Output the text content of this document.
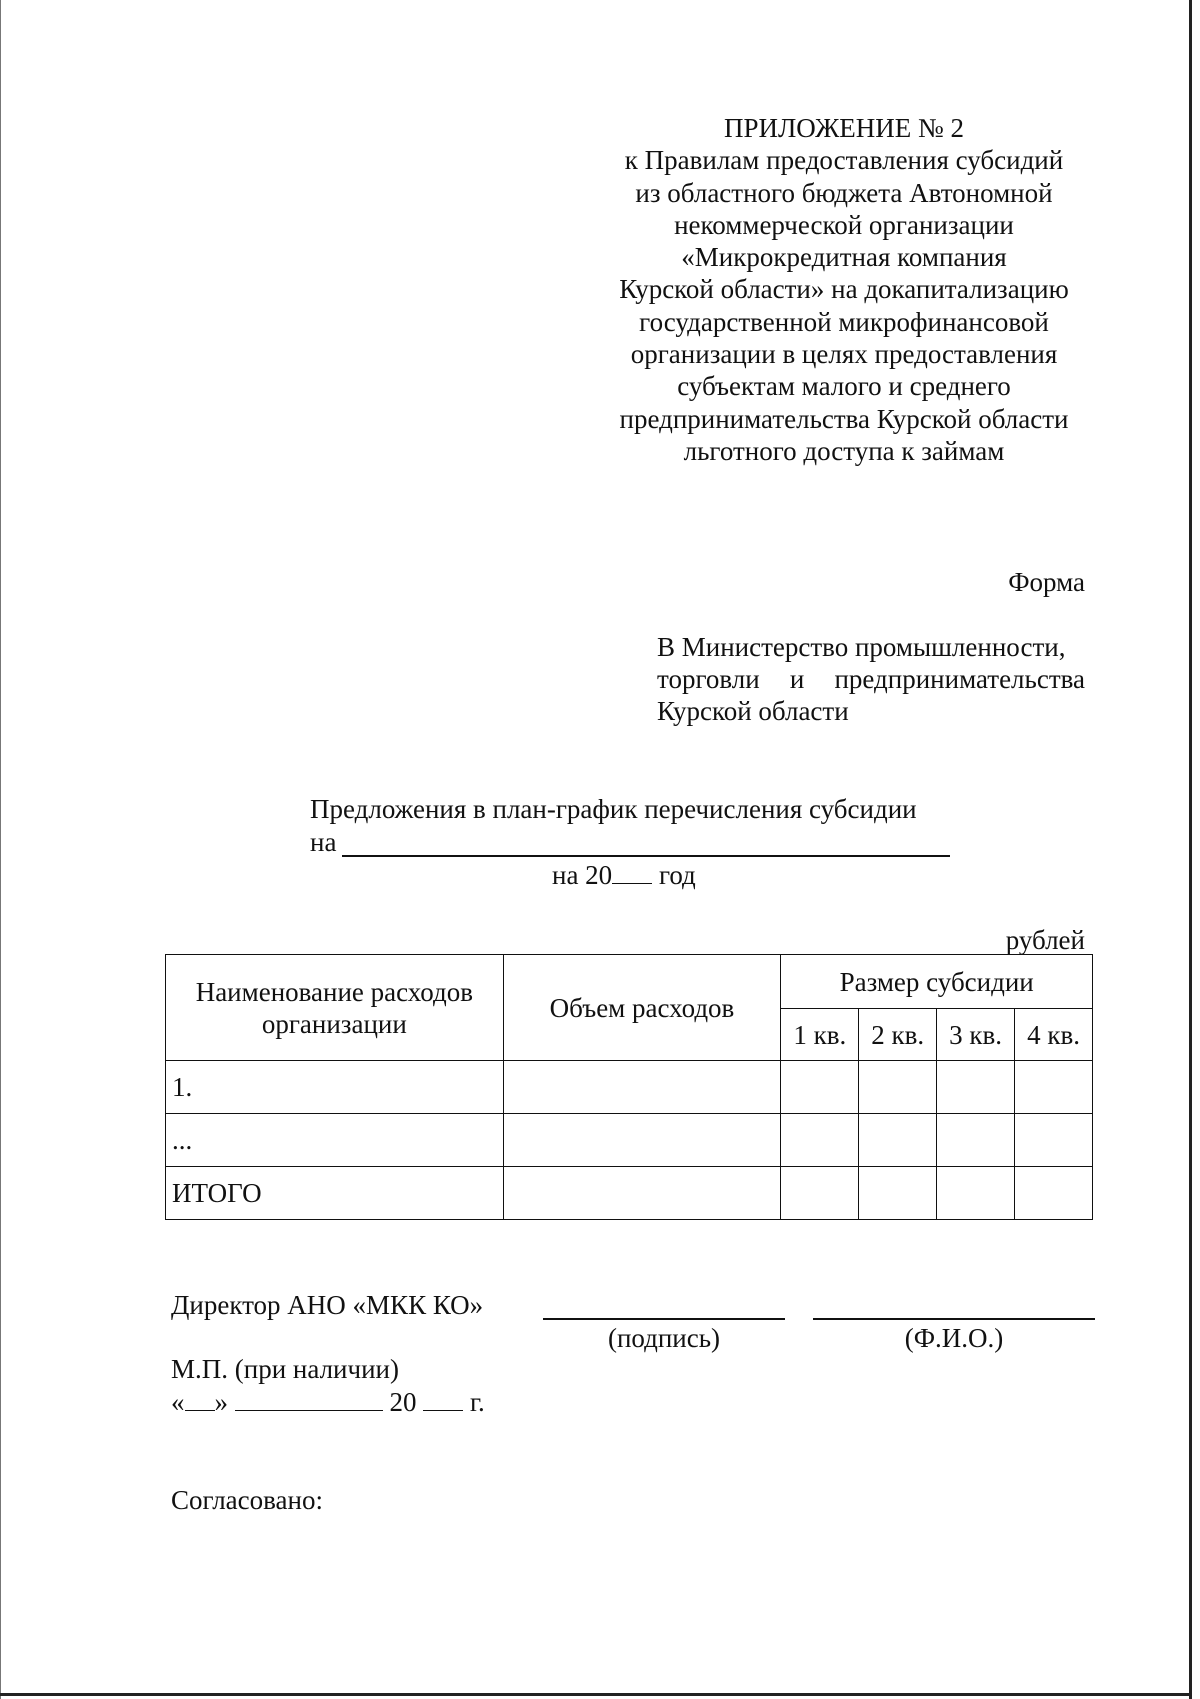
ПРИЛОЖЕНИЕ № 2
к Правилам предоставления субсидий
из областного бюджета Автономной
некоммерческой организации
«Микрокредитная компания
Курской области» на докапитализацию
государственной микрофинансовой
организации в целях предоставления
субъектам малого и среднего
предпринимательства Курской области
льготного доступа к займам
Форма
В Министерство промышленности,
торговли и предпринимательства
Курской области
Предложения в план-график перечисления субсидии
на
на 20 год
рублей
Наименование расходов организации	Объем расходов	Размер субсидии			
		1 кв.	2 кв.	3 кв.	4 кв.
1.					
...					
ИТОГО					
Директор АНО «МКК КО»
(подпись)	(Ф.И.О.)
М.П. (при наличии)
« »	20 г.
Согласовано:
